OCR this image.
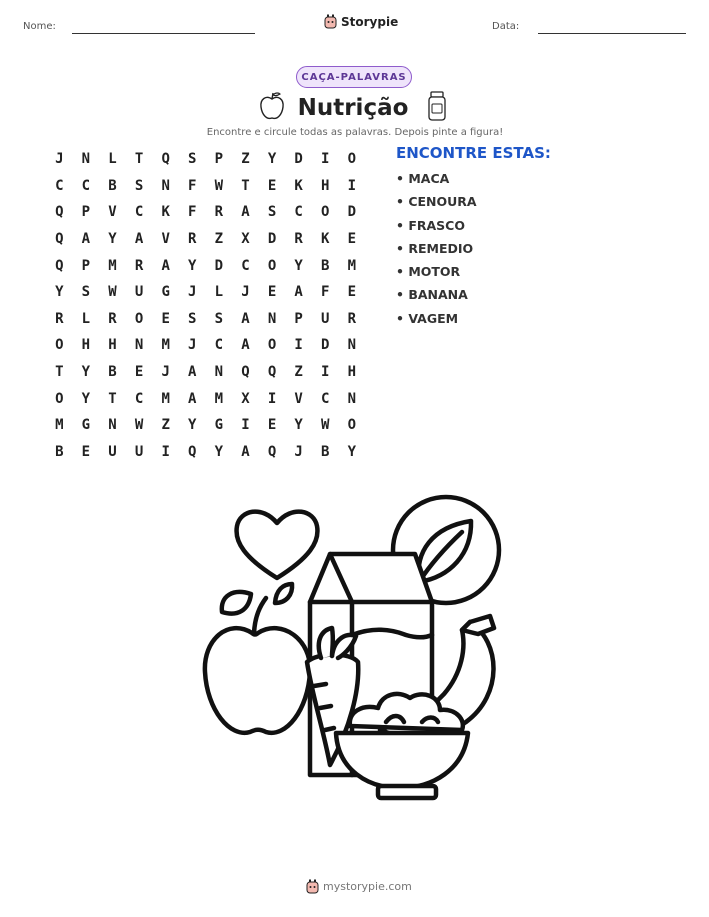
Nome:	Storypie	Data:
CAÇA-PALAVRAS
Nutrição
Encontre e circule todas as palavras. Depois pinte a figura!
J	N	L	T	Q	S	P	Z	Y	D	I	O
C	C	B	S	N	F	W	T	E	K	H	I
Q	P	V	C	K	F	R	A	S	C	O	D
Q	A	Y	A	V	R	Z	X	D	R	K	E
Q	P	M	R	A	Y	D	C	O	Y	B	M
Y	S	W	U	G	J	L	J	E	A	F	E
R	L	R	O	E	S	S	A	N	P	U	R
O	H	H	N	M	J	C	A	O	I	D	N
T	Y	B	E	J	A	N	Q	Q	Z	I	H
O	Y	T	C	M	A	M	X	I	V	C	N
M	G	N	W	Z	Y	G	I	E	Y	W	O
B	E	U	U	I	Q	Y	A	Q	J	B	Y
ENCONTRE ESTAS:
• MACA
• CENOURA
• FRASCO
• REMEDIO
• MOTOR
• BANANA
• VAGEM
mystorypie.com
